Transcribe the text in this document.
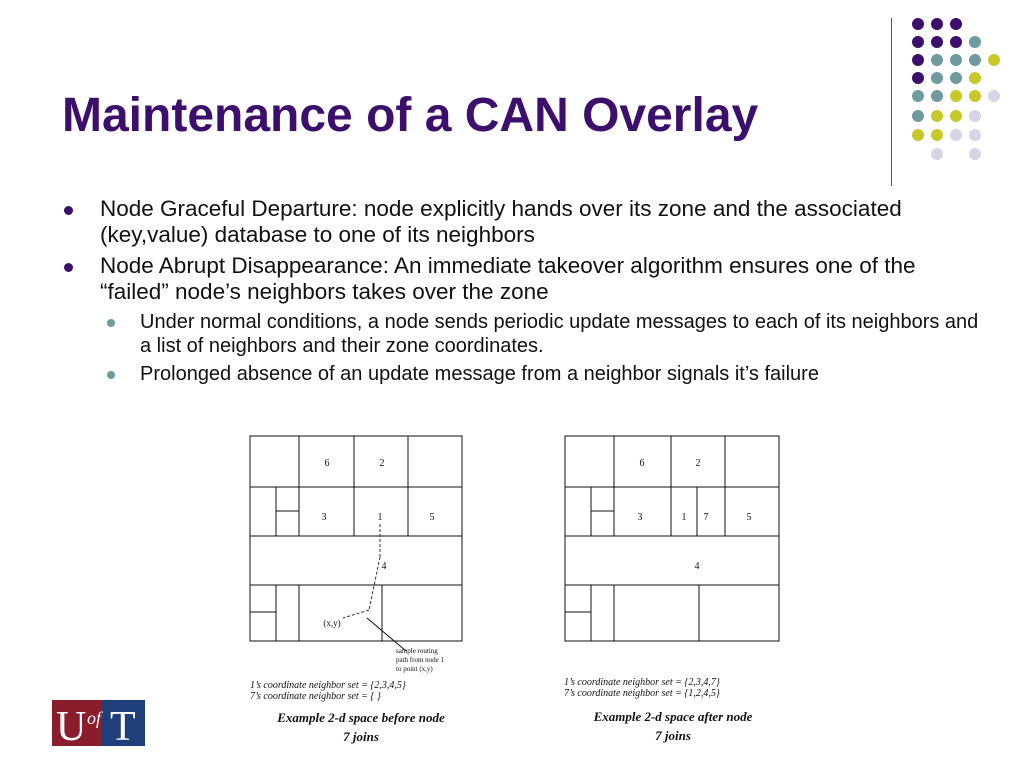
Maintenance of a CAN Overlay
Node Graceful Departure: node explicitly hands over its zone and the associated (key,value) database to one of its neighbors
Node Abrupt Disappearance: An immediate takeover algorithm ensures one of the “failed” node’s neighbors takes over the zone
Under normal conditions, a node sends periodic update messages to each of its neighbors and a list of neighbors and their zone coordinates.
Prolonged absence of an update message from a neighbor signals it’s failure
6	2
3	1	5
4
(x,y)
sample routing
path from node 1
to point (x,y)
1’s coordinate neighbor set = {2,3,4,5}
7’s coordinate neighbor set = { }
Example 2-d space before node
7 joins
6	2
3	1 7	5
4
1’s coordinate neighbor set = {2,3,4,7}
7’s coordinate neighbor set = {1,2,4,5}
Example 2-d space after node
7 joins
U of T
